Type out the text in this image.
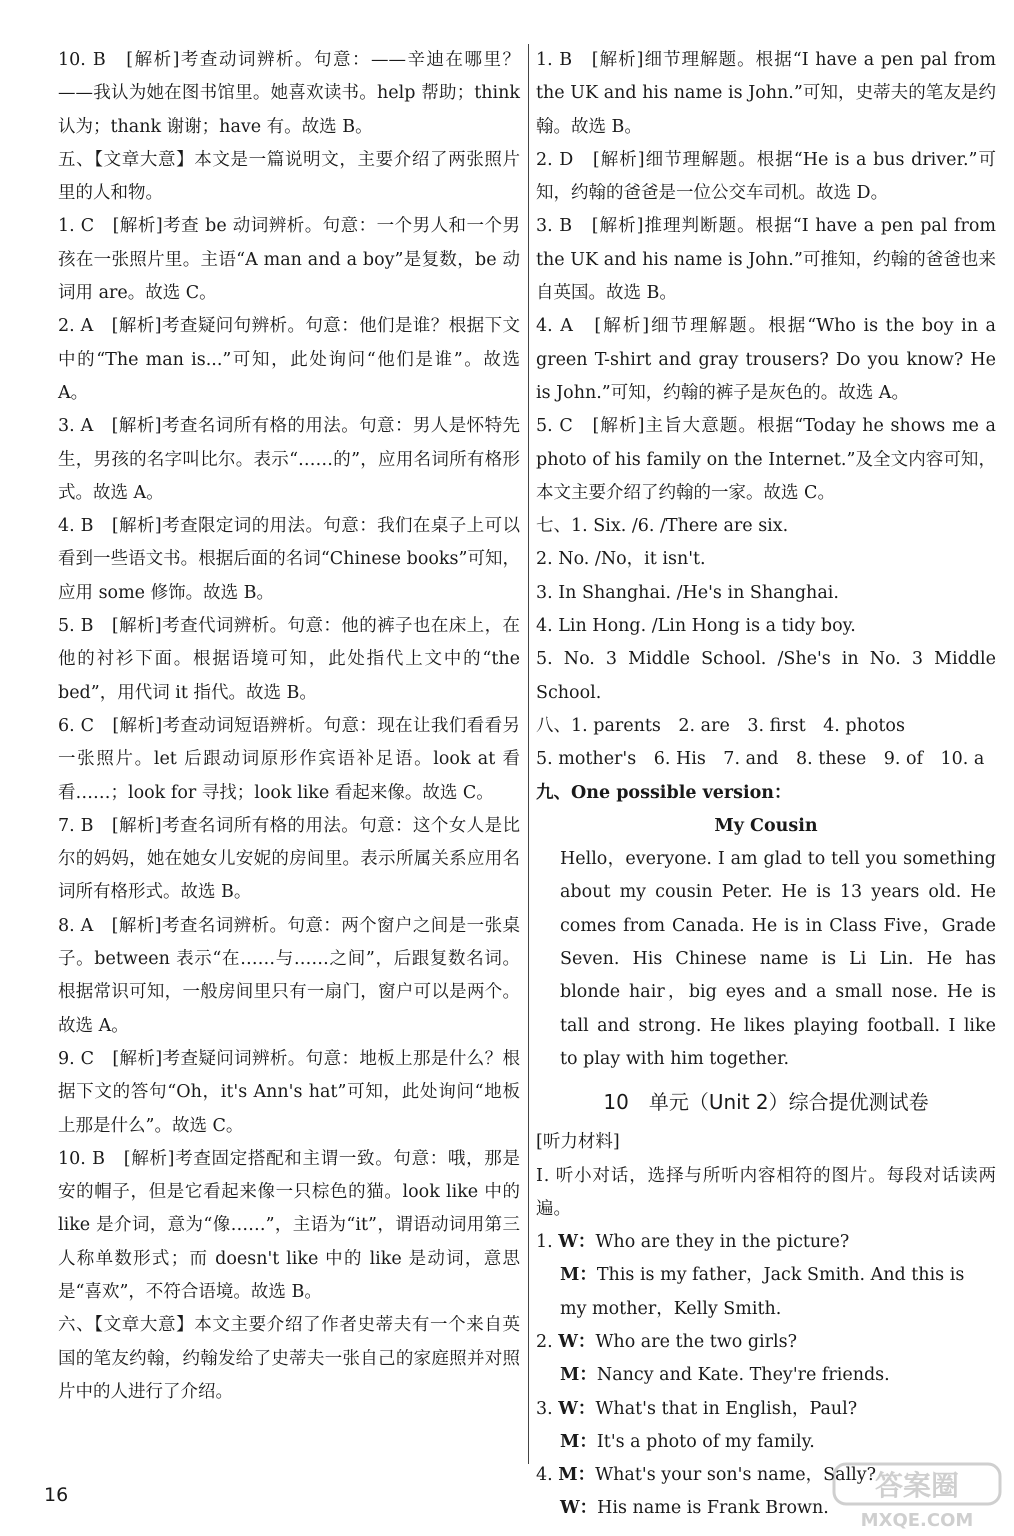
10. B　[解析]考查动词辨析。句意：——辛迪在哪里？——我认为她在图书馆里。她喜欢读书。help 帮助；think 认为；thank 谢谢；have 有。故选 B。

五、【文章大意】本文是一篇说明文，主要介绍了两张照片里的人和物。

1. C　[解析]考查 be 动词辨析。句意：一个男人和一个男孩在一张照片里。主语“A man and a boy”是复数，be 动词用 are。故选 C。

2. A　[解析]考查疑问句辨析。句意：他们是谁？根据下文中的“The man is...”可知，此处询问“他们是谁”。故选 A。

3. A　[解析]考查名词所有格的用法。句意：男人是怀特先生，男孩的名字叫比尔。表示“……的”，应用名词所有格形式。故选 A。

4. B　[解析]考查限定词的用法。句意：我们在桌子上可以看到一些语文书。根据后面的名词“Chinese books”可知，应用 some 修饰。故选 B。

5. B　[解析]考查代词辨析。句意：他的裤子也在床上，在他的衬衫下面。根据语境可知，此处指代上文中的“the bed”，用代词 it 指代。故选 B。

6. C　[解析]考查动词短语辨析。句意：现在让我们看看另一张照片。let 后跟动词原形作宾语补足语。look at 看看……；look for 寻找；look like 看起来像。故选 C。

7. B　[解析]考查名词所有格的用法。句意：这个女人是比尔的妈妈，她在她女儿安妮的房间里。表示所属关系应用名词所有格形式。故选 B。

8. A　[解析]考查名词辨析。句意：两个窗户之间是一张桌子。between 表示“在……与……之间”，后跟复数名词。根据常识可知，一般房间里只有一扇门，窗户可以是两个。故选 A。

9. C　[解析]考查疑问词辨析。句意：地板上那是什么？根据下文的答句“Oh，it's Ann's hat”可知，此处询问“地板上那是什么”。故选 C。

10. B　[解析]考查固定搭配和主谓一致。句意：哦，那是安的帽子，但是它看起来像一只棕色的猫。look like 中的 like 是介词，意为“像……”，主语为“it”，谓语动词用第三人称单数形式；而 doesn't like 中的 like 是动词，意思是“喜欢”，不符合语境。故选 B。

六、【文章大意】本文主要介绍了作者史蒂夫有一个来自英国的笔友约翰，约翰发给了史蒂夫一张自己的家庭照并对照片中的人进行了介绍。

1. B　[解析]细节理解题。根据“I have a pen pal from the UK and his name is John.”可知，史蒂夫的笔友是约翰。故选 B。

2. D　[解析]细节理解题。根据“He is a bus driver.”可知，约翰的爸爸是一位公交车司机。故选 D。

3. B　[解析]推理判断题。根据“I have a pen pal from the UK and his name is John.”可推知，约翰的爸爸也来自英国。故选 B。

4. A　[解析]细节理解题。根据“Who is the boy in a green T-shirt and gray trousers? Do you know? He is John.”可知，约翰的裤子是灰色的。故选 A。

5. C　[解析]主旨大意题。根据“Today he shows me a photo of his family on the Internet.”及全文内容可知，本文主要介绍了约翰的一家。故选 C。

七、1. Six. /6. /There are six.

2. No. /No，it isn't.

3. In Shanghai. /He's in Shanghai.

4. Lin Hong. /Lin Hong is a tidy boy.

5. No. 3 Middle School. /She's in No. 3 Middle School.

八、1. parents　2. are　3. first　4. photos

5. mother's　6. His　7. and　8. these　9. of　10. a

九、One possible version：

My Cousin

Hello，everyone. I am glad to tell you something about my cousin Peter. He is 13 years old. He comes from Canada. He is in Class Five，Grade Seven. His Chinese name is Li Lin. He has blonde hair，big eyes and a small nose. He is tall and strong. He likes playing football. I like to play with him together.

10　单元（Unit 2）综合提优测试卷

[听力材料]

Ⅰ. 听小对话，选择与所听内容相符的图片。每段对话读两遍。

1. W：Who are they in the picture?

M：This is my father，Jack Smith. And this is my mother，Kelly Smith.

2. W：Who are the two girls?

M：Nancy and Kate. They're friends.

3. W：What's that in English，Paul?

M：It's a photo of my family.

4. M：What's your son's name，Sally?

W：His name is Frank Brown.

16	答案圈
MXQE.COM
